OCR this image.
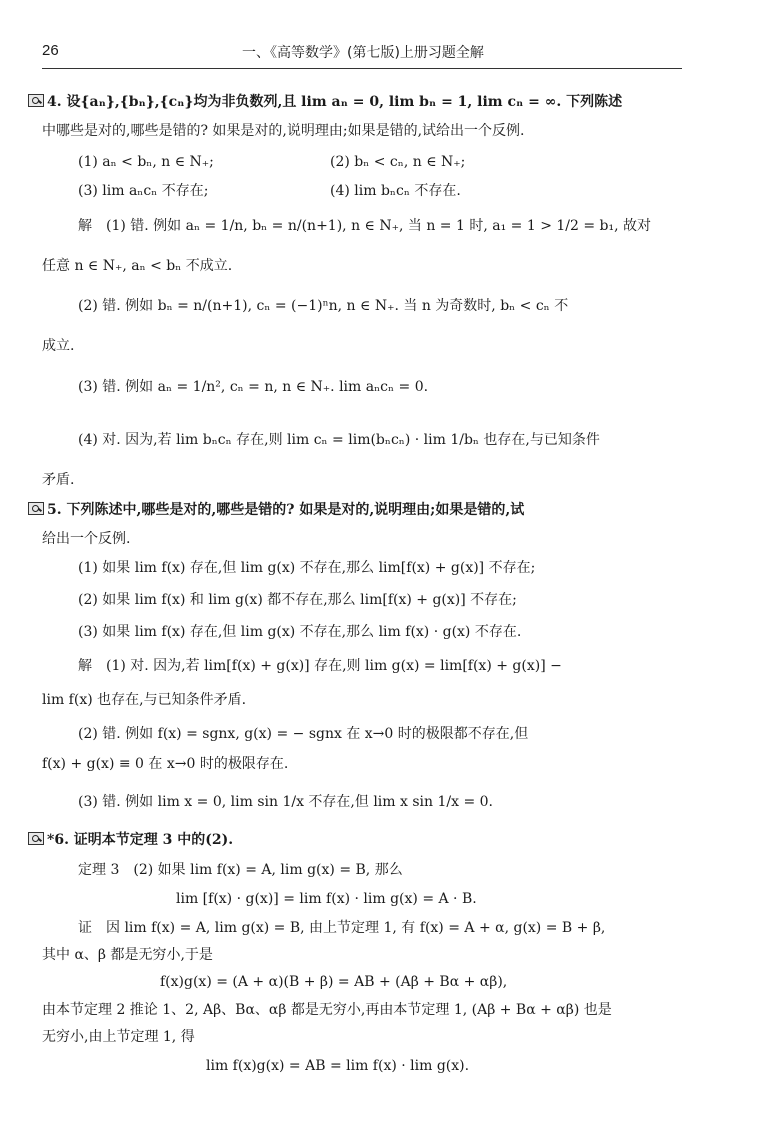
26	一、《高等数学》(第七版)上册习题全解
4. 设{aₙ},{bₙ},{cₙ}均为非负数列,且 lim aₙ = 0, lim bₙ = 1, lim cₙ = ∞. 下列陈述
中哪些是对的,哪些是错的? 如果是对的,说明理由;如果是错的,试给出一个反例.
(1) aₙ < bₙ, n ∈ N₊;	(2) bₙ < cₙ, n ∈ N₊;
(3) lim aₙcₙ 不存在;	(4) lim bₙcₙ 不存在.
解　(1) 错. 例如 aₙ = 1/n, bₙ = n/(n+1), n ∈ N₊, 当 n = 1 时, a₁ = 1 > 1/2 = b₁, 故对
任意 n ∈ N₊, aₙ < bₙ 不成立.
(2) 错. 例如 bₙ = n/(n+1), cₙ = (−1)ⁿn, n ∈ N₊. 当 n 为奇数时, bₙ < cₙ 不
成立.
(3) 错. 例如 aₙ = 1/n², cₙ = n, n ∈ N₊. lim aₙcₙ = 0.
(4) 对. 因为,若 lim bₙcₙ 存在,则 lim cₙ = lim(bₙcₙ) · lim 1/bₙ 也存在,与已知条件
矛盾.
5. 下列陈述中,哪些是对的,哪些是错的? 如果是对的,说明理由;如果是错的,试
给出一个反例.
(1) 如果 lim f(x) 存在,但 lim g(x) 不存在,那么 lim[f(x) + g(x)] 不存在;
(2) 如果 lim f(x) 和 lim g(x) 都不存在,那么 lim[f(x) + g(x)] 不存在;
(3) 如果 lim f(x) 存在,但 lim g(x) 不存在,那么 lim f(x) · g(x) 不存在.
解　(1) 对. 因为,若 lim[f(x) + g(x)] 存在,则 lim g(x) = lim[f(x) + g(x)] −
lim f(x) 也存在,与已知条件矛盾.
(2) 错. 例如 f(x) = sgnx, g(x) = − sgnx 在 x→0 时的极限都不存在,但
f(x) + g(x) ≡ 0 在 x→0 时的极限存在.
(3) 错. 例如 lim x = 0, lim sin 1/x 不存在,但 lim x sin 1/x = 0.
*6. 证明本节定理 3 中的(2).
定理 3　(2) 如果 lim f(x) = A, lim g(x) = B, 那么
lim [f(x) · g(x)] = lim f(x) · lim g(x) = A · B.
证　因 lim f(x) = A, lim g(x) = B, 由上节定理 1, 有 f(x) = A + α, g(x) = B + β,
其中 α、β 都是无穷小,于是
f(x)g(x) = (A + α)(B + β) = AB + (Aβ + Bα + αβ),
由本节定理 2 推论 1、2, Aβ、Bα、αβ 都是无穷小,再由本节定理 1, (Aβ + Bα + αβ) 也是
无穷小,由上节定理 1, 得
lim f(x)g(x) = AB = lim f(x) · lim g(x).
